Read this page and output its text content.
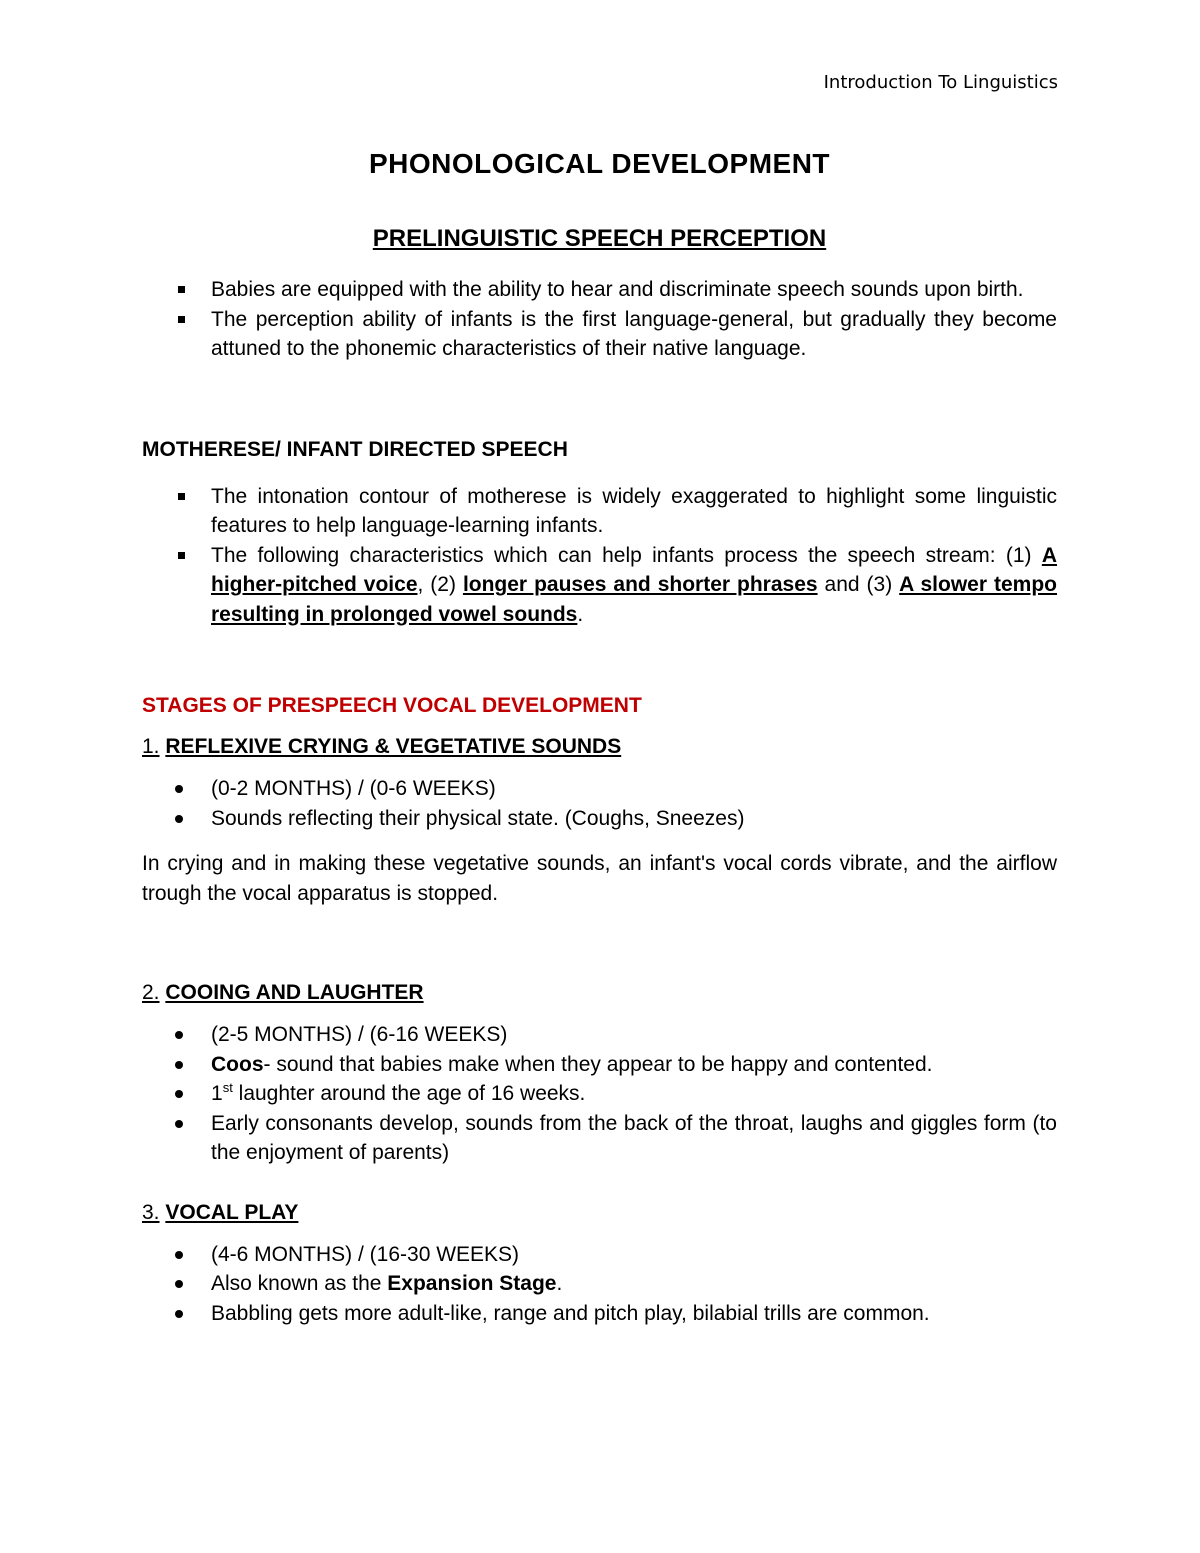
Introduction To Linguistics
PHONOLOGICAL DEVELOPMENT
PRELINGUISTIC SPEECH PERCEPTION
Babies are equipped with the ability to hear and discriminate speech sounds upon birth.
The perception ability of infants is the first language-general, but gradually they become attuned to the phonemic characteristics of their native language.
MOTHERESE/ INFANT DIRECTED SPEECH
The intonation contour of motherese is widely exaggerated to highlight some linguistic features to help language-learning infants.
The following characteristics which can help infants process the speech stream: (1) A higher-pitched voice, (2) longer pauses and shorter phrases and (3) A slower tempo resulting in prolonged vowel sounds.
STAGES OF PRESPEECH VOCAL DEVELOPMENT
1. REFLEXIVE CRYING & VEGETATIVE SOUNDS
(0-2 MONTHS) / (0-6 WEEKS)
Sounds reflecting their physical state. (Coughs, Sneezes)

In crying and in making these vegetative sounds, an infant's vocal cords vibrate, and the airflow trough the vocal apparatus is stopped.

2. COOING AND LAUGHTER
(2-5 MONTHS) / (6-16 WEEKS)
Coos- sound that babies make when they appear to be happy and contented.
1st laughter around the age of 16 weeks.
Early consonants develop, sounds from the back of the throat, laughs and giggles form (to the enjoyment of parents)
3. VOCAL PLAY
(4-6 MONTHS) / (16-30 WEEKS)
Also known as the Expansion Stage.
Babbling gets more adult-like, range and pitch play, bilabial trills are common.
